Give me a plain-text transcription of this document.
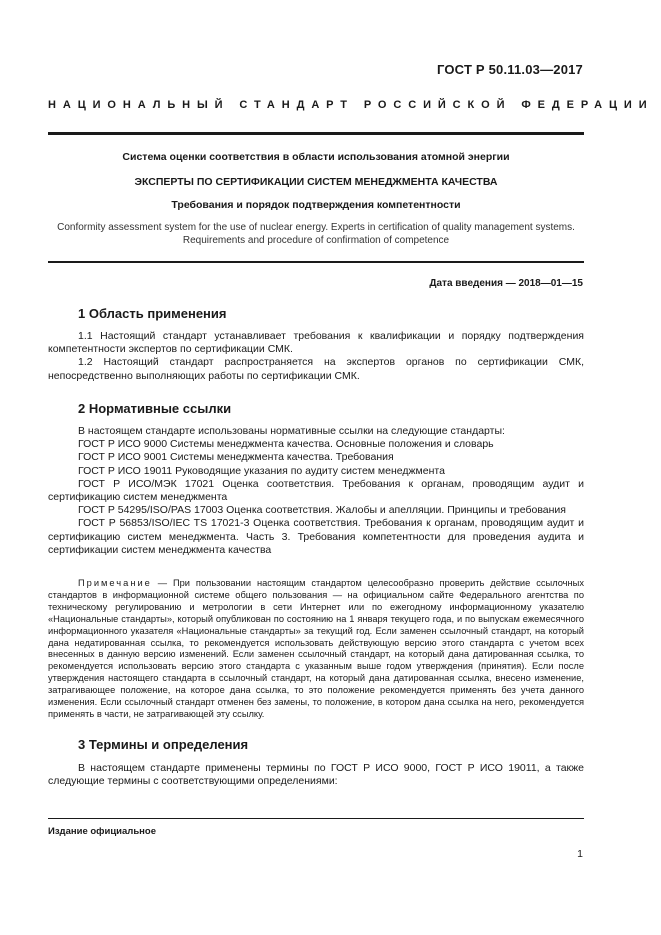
ГОСТ Р 50.11.03—2017
НАЦИОНАЛЬНЫЙ СТАНДАРТ РОССИЙСКОЙ ФЕДЕРАЦИИ
Система оценки соответствия в области использования атомной энергии
ЭКСПЕРТЫ ПО СЕРТИФИКАЦИИ СИСТЕМ МЕНЕДЖМЕНТА КАЧЕСТВА
Требования и порядок подтверждения компетентности
Conformity assessment system for the use of nuclear energy. Experts in certification of quality management systems.
Requirements and procedure of confirmation of competence
Дата введения — 2018—01—15
1 Область применения

1.1 Настоящий стандарт устанавливает требования к квалификации и порядку подтверждения компетентности экспертов по сертификации СМК.

1.2 Настоящий стандарт распространяется на экспертов органов по сертификации СМК, непосредственно выполняющих работы по сертификации СМК.

2 Нормативные ссылки

В настоящем стандарте использованы нормативные ссылки на следующие стандарты:

ГОСТ Р ИСО 9000 Системы менеджмента качества. Основные положения и словарь

ГОСТ Р ИСО 9001 Системы менеджмента качества. Требования

ГОСТ Р ИСО 19011 Руководящие указания по аудиту систем менеджмента

ГОСТ Р ИСО/МЭК 17021 Оценка соответствия. Требования к органам, проводящим аудит и сертификацию систем менеджмента

ГОСТ Р 54295/ISO/PAS 17003 Оценка соответствия. Жалобы и апелляции. Принципы и требования

ГОСТ Р 56853/ISO/IEC TS 17021-3 Оценка соответствия. Требования к органам, проводящим аудит и сертификацию систем менеджмента. Часть 3. Требования компетентности для проведения аудита и сертификации систем менеджмента качества

Примечание — При пользовании настоящим стандартом целесообразно проверить действие ссылочных стандартов в информационной системе общего пользования — на официальном сайте Федерального агентства по техническому регулированию и метрологии в сети Интернет или по ежегодному информационному указателю «Национальные стандарты», который опубликован по состоянию на 1 января текущего года, и по выпускам ежемесячного информационного указателя «Национальные стандарты» за текущий год. Если заменен ссылочный стандарт, на который дана недатированная ссылка, то рекомендуется использовать действующую версию этого стандарта с учетом всех внесенных в данную версию изменений. Если заменен ссылочный стандарт, на который дана датированная ссылка, то рекомендуется использовать версию этого стандарта с указанным выше годом утверждения (принятия). Если после утверждения настоящего стандарта в ссылочный стандарт, на который дана датированная ссылка, внесено изменение, затрагивающее положение, на которое дана ссылка, то это положение рекомендуется применять без учета данного изменения. Если ссылочный стандарт отменен без замены, то положение, в котором дана ссылка на него, рекомендуется применять в части, не затрагивающей эту ссылку.

3 Термины и определения

В настоящем стандарте применены термины по ГОСТ Р ИСО 9000, ГОСТ Р ИСО 19011, а также следующие термины с соответствующими определениями:

Издание официальное
1
